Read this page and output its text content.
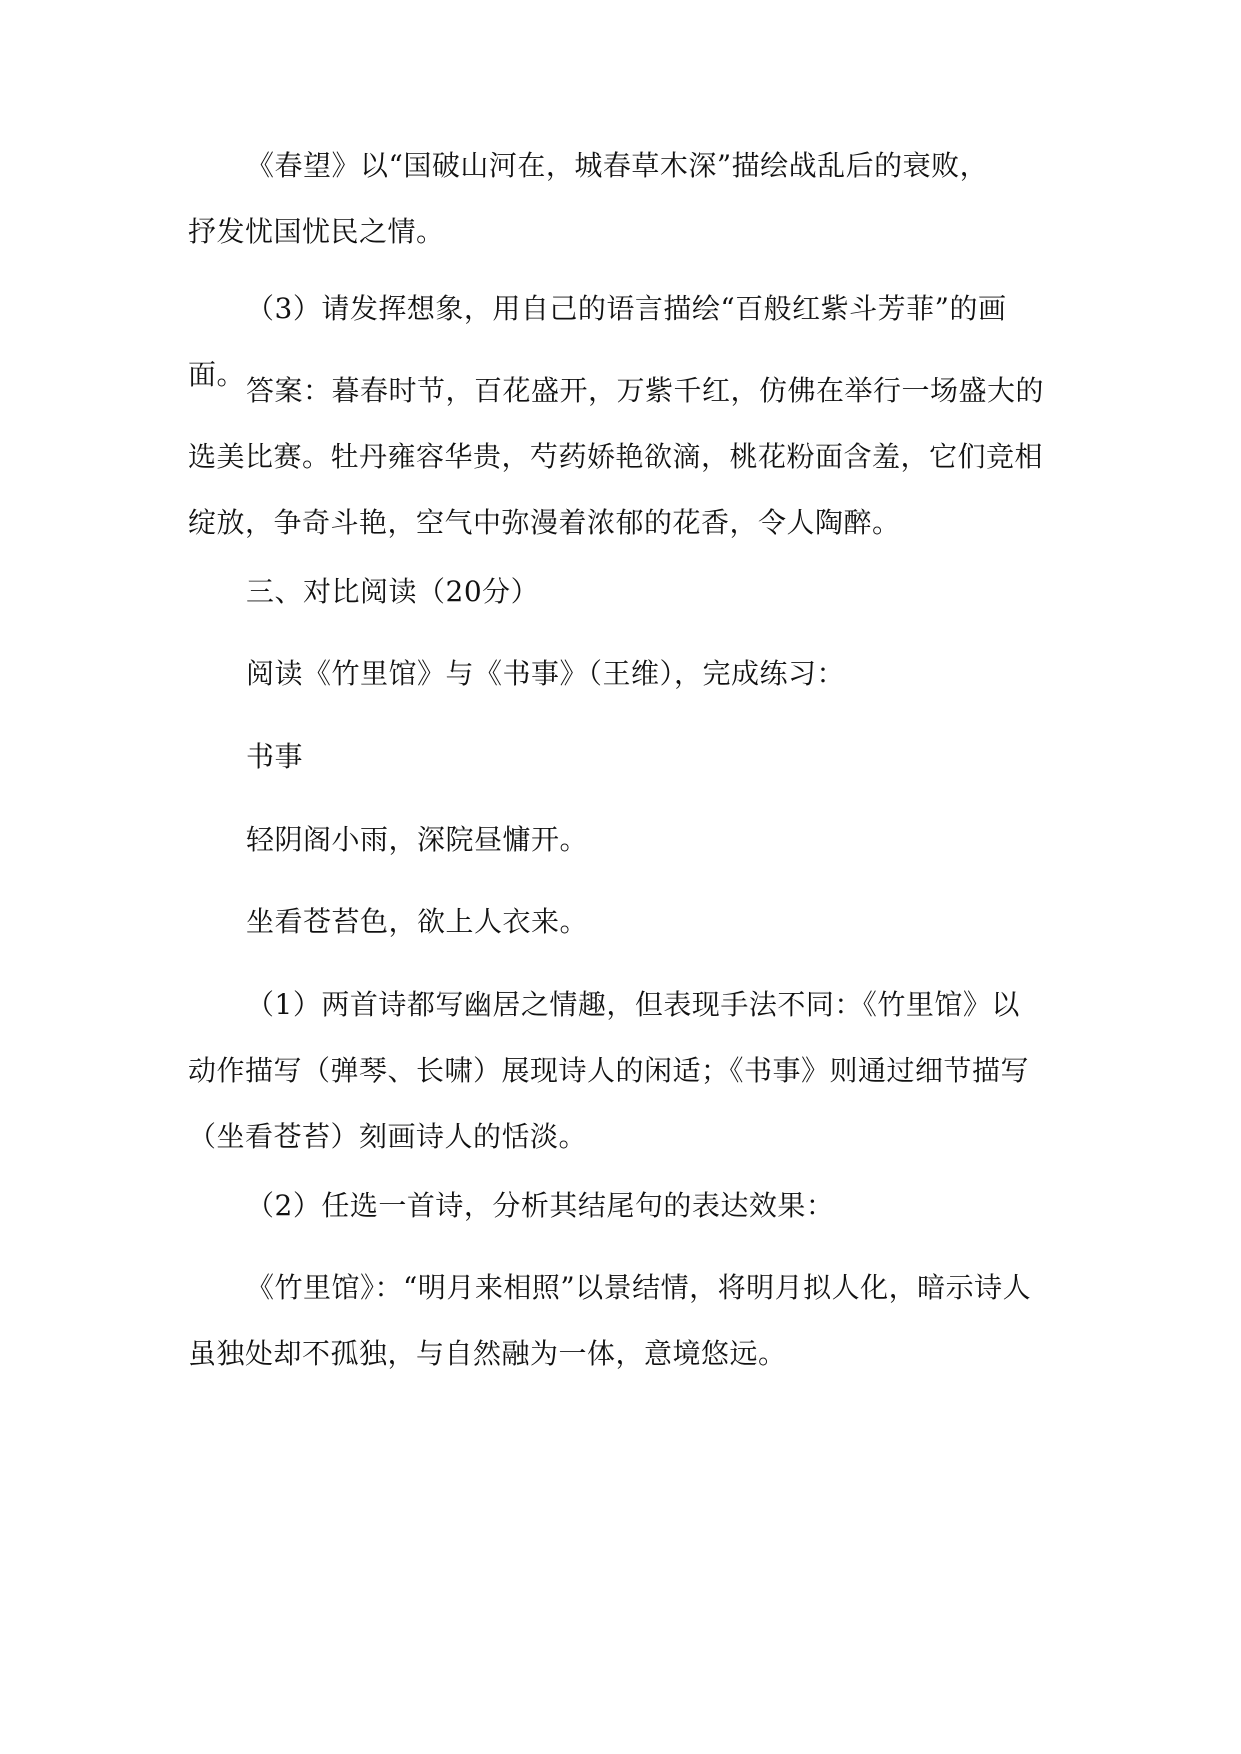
《春望》以“国破山河在，城春草木深”描绘战乱后的衰败，
抒发忧国忧民之情。
（3）请发挥想象，用自己的语言描绘“百般红紫斗芳菲”的画面。 答案：暮春时节，百花盛开，万紫千红，仿佛在举行一场盛大的
选美比赛。牡丹雍容华贵，芍药娇艳欲滴，桃花粉面含羞，它们竞相
绽放，争奇斗艳，空气中弥漫着浓郁的花香，令人陶醉。
三、对比阅读（20分）
阅读《竹里馆》与《书事》（王维），完成练习：
书事
轻阴阁小雨，深院昼慵开。
坐看苍苔色，欲上人衣来。
（1）两首诗都写幽居之情趣，但表现手法不同：《竹里馆》以
动作描写（弹琴、长啸）展现诗人的闲适；《书事》则通过细节描写
（坐看苍苔）刻画诗人的恬淡。
（2）任选一首诗，分析其结尾句的表达效果：
《竹里馆》：“明月来相照”以景结情，将明月拟人化，暗示诗人
虽独处却不孤独，与自然融为一体，意境悠远。
